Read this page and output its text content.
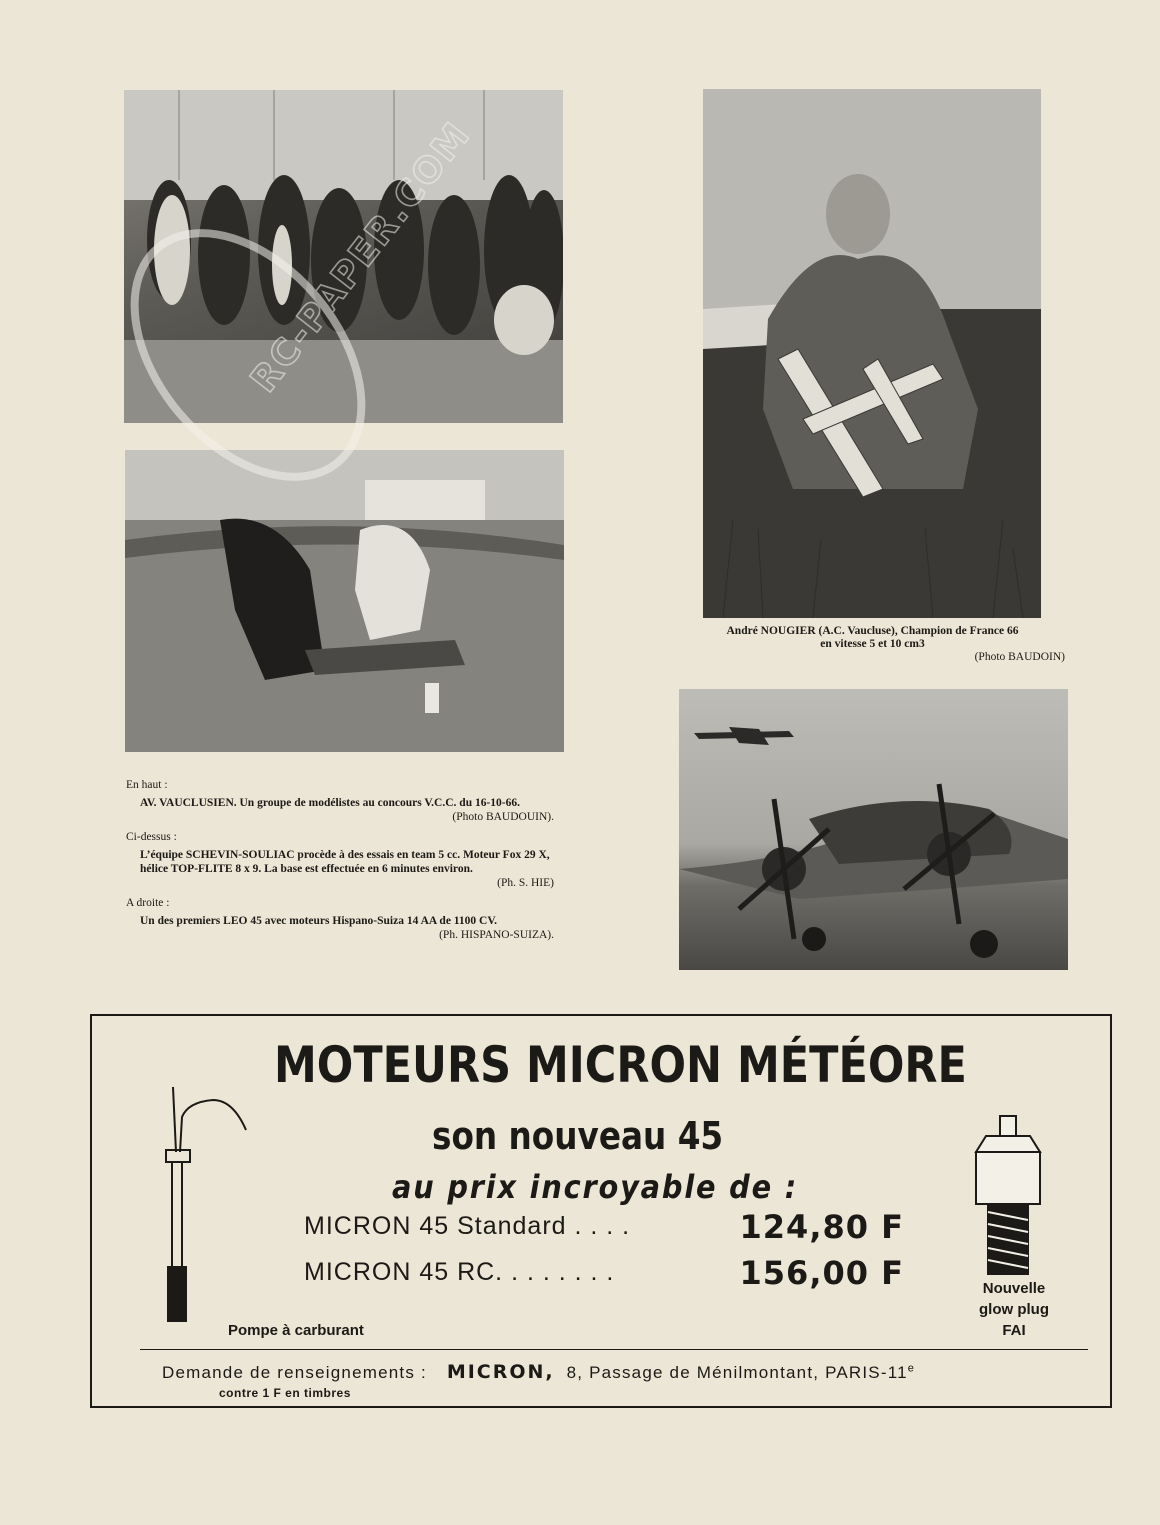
André NOUGIER (A.C. Vaucluse), Champion de France 66
en vitesse 5 et 10 cm3
(Photo BAUDOIN)

En haut :

AV. VAUCLUSIEN. Un groupe de modélistes au concours V.C.C. du 16-10-66.
(Photo BAUDOUIN).

Ci-dessus :

L’équipe SCHEVIN-SOULIAC procède à des essais en team 5 cc. Moteur Fox 29 X, hélice TOP-FLITE 8 x 9. La base est effectuée en 6 minutes environ.
(Ph. S. HIE)

A droite :

Un des premiers LEO 45 avec moteurs Hispano-Suiza 14 AA de 1100 CV.
(Ph. HISPANO-SUIZA).

MOTEURS MICRON MÉTÉORE
son nouveau 45
au prix incroyable de :
MICRON 45 Standard . . . .	124,80 F
MICRON 45 RC. . . . . . . .	156,00 F
Pompe à carburant
Nouvelle
glow plug
FAI
Demande de renseignements : MICRON, 8, Passage de Ménilmontant, PARIS-11e
contre 1 F en timbres
